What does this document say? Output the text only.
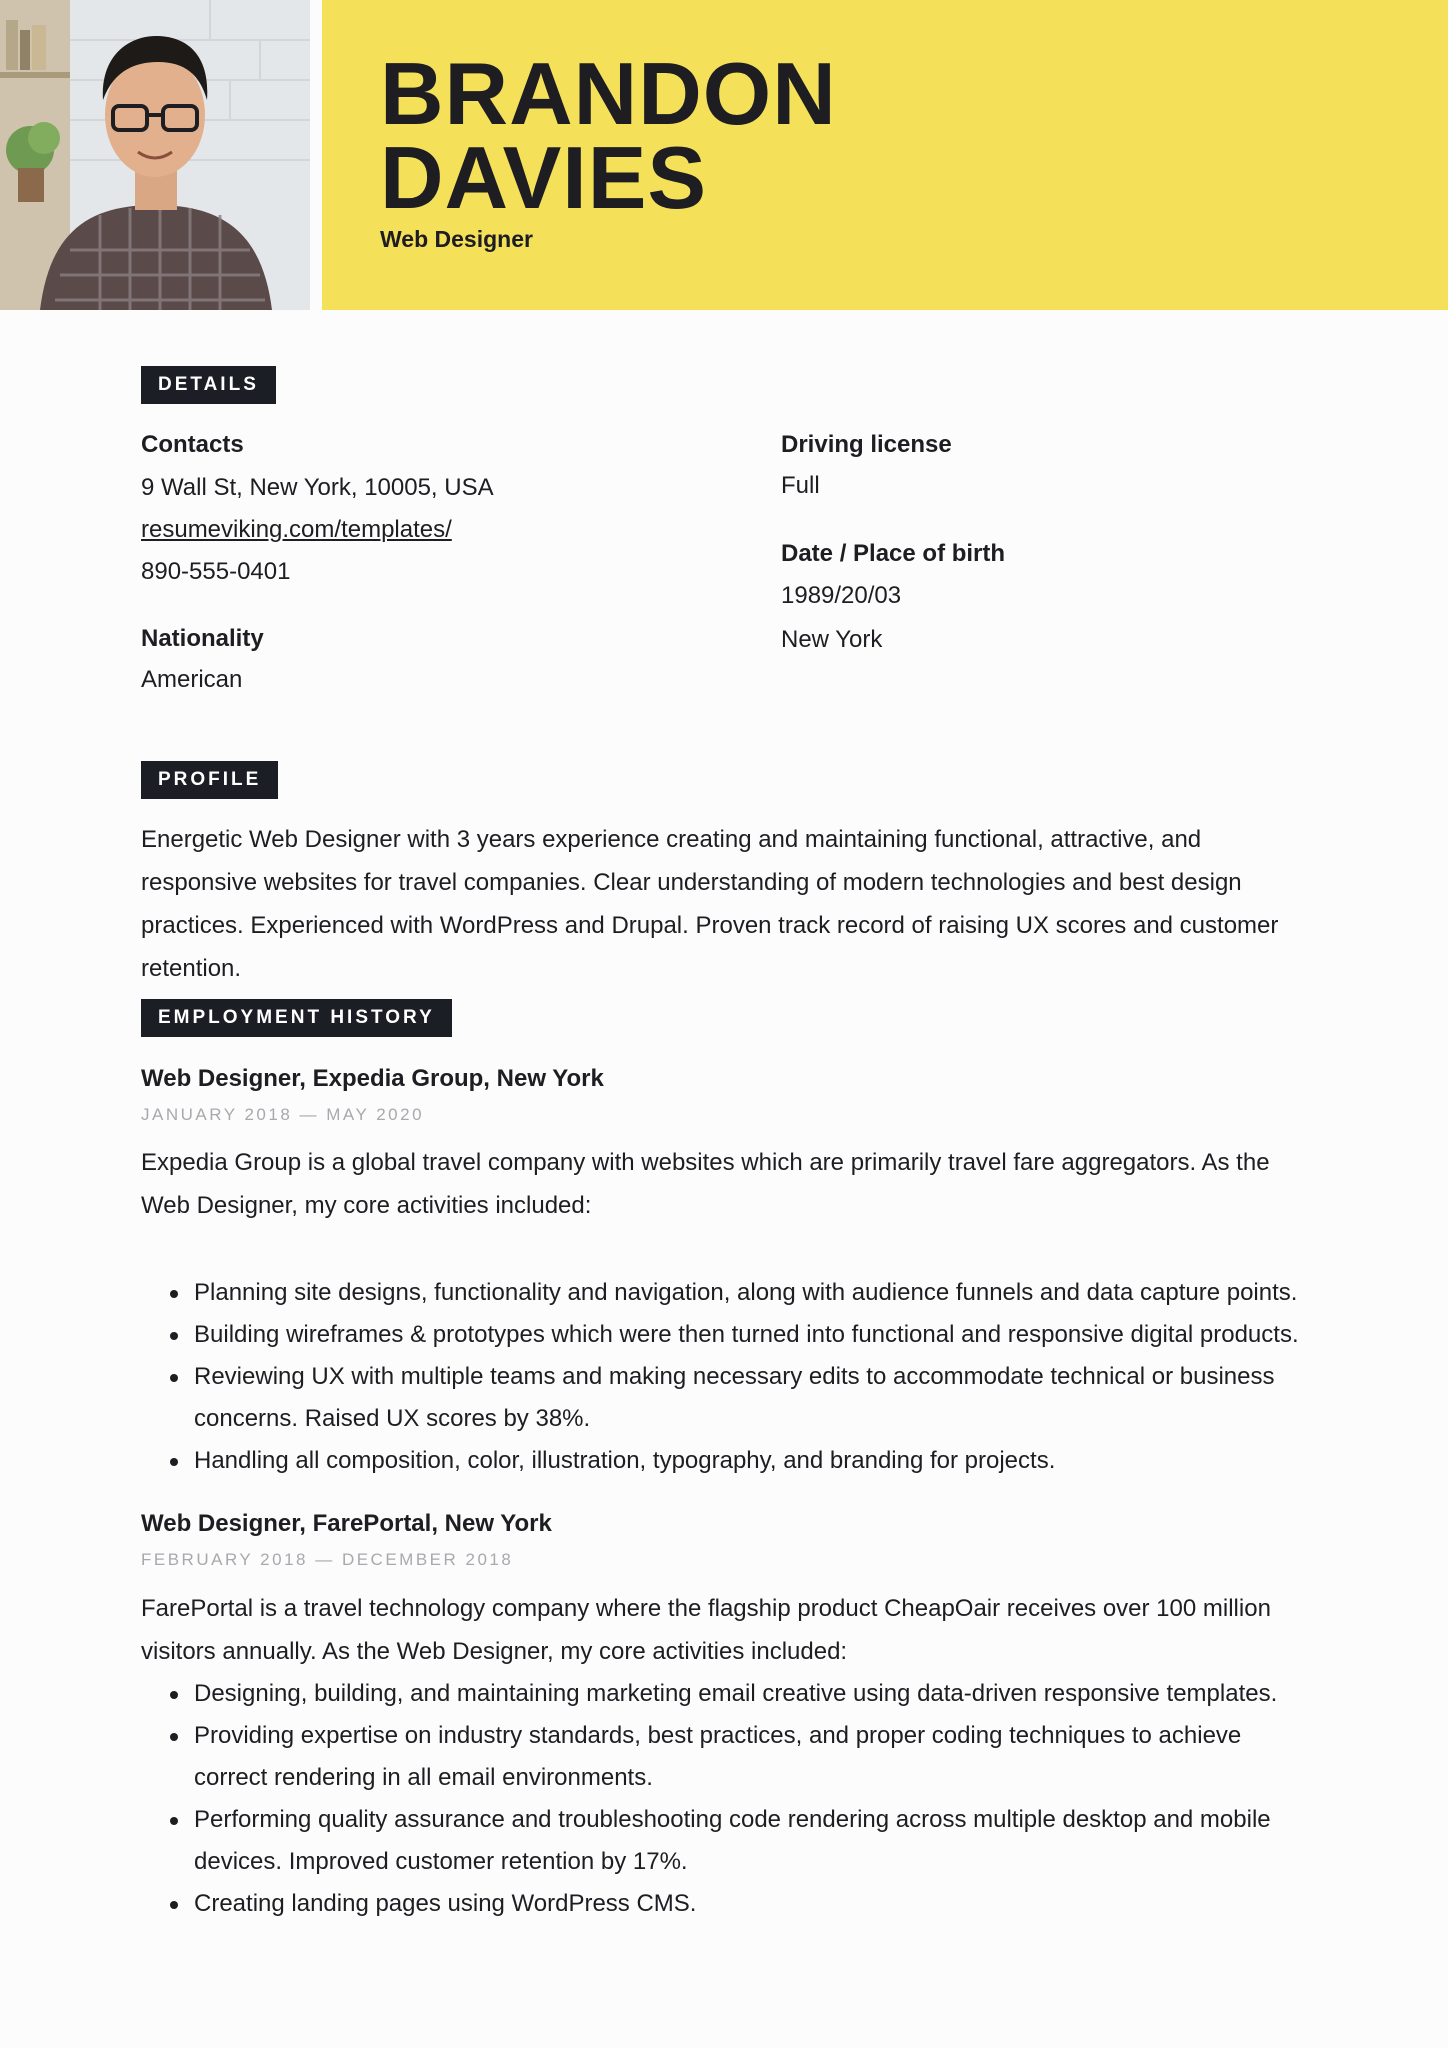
BRANDON
DAVIES
Web Designer
DETAILS
Contacts
9 Wall St, New York, 10005, USA
resumeviking.com/templates/
890-555-0401
Nationality
American
Driving license
Full
Date / Place of birth
1989/20/03
New York
PROFILE
Energetic Web Designer with 3 years experience creating and maintaining functional, attractive, and responsive websites for travel companies. Clear understanding of modern technologies and best design practices. Experienced with WordPress and Drupal. Proven track record of raising UX scores and customer retention.
EMPLOYMENT HISTORY
Web Designer, Expedia Group, New York
JANUARY 2018 — MAY 2020
Expedia Group is a global travel company with websites which are primarily travel fare aggregators. As the Web Designer, my core activities included:
Planning site designs, functionality and navigation, along with audience funnels and data capture points.
Building wireframes & prototypes which were then turned into functional and responsive digital products.
Reviewing UX with multiple teams and making necessary edits to accommodate technical or business concerns. Raised UX scores by 38%.
Handling all composition, color, illustration, typography, and branding for projects.
Web Designer, FarePortal, New York
FEBRUARY 2018 — DECEMBER 2018
FarePortal is a travel technology company where the flagship product CheapOair receives over 100 million visitors annually. As the Web Designer, my core activities included:
Designing, building, and maintaining marketing email creative using data-driven responsive templates.
Providing expertise on industry standards, best practices, and proper coding techniques to achieve correct rendering in all email environments.
Performing quality assurance and troubleshooting code rendering across multiple desktop and mobile devices. Improved customer retention by 17%.
Creating landing pages using WordPress CMS.
